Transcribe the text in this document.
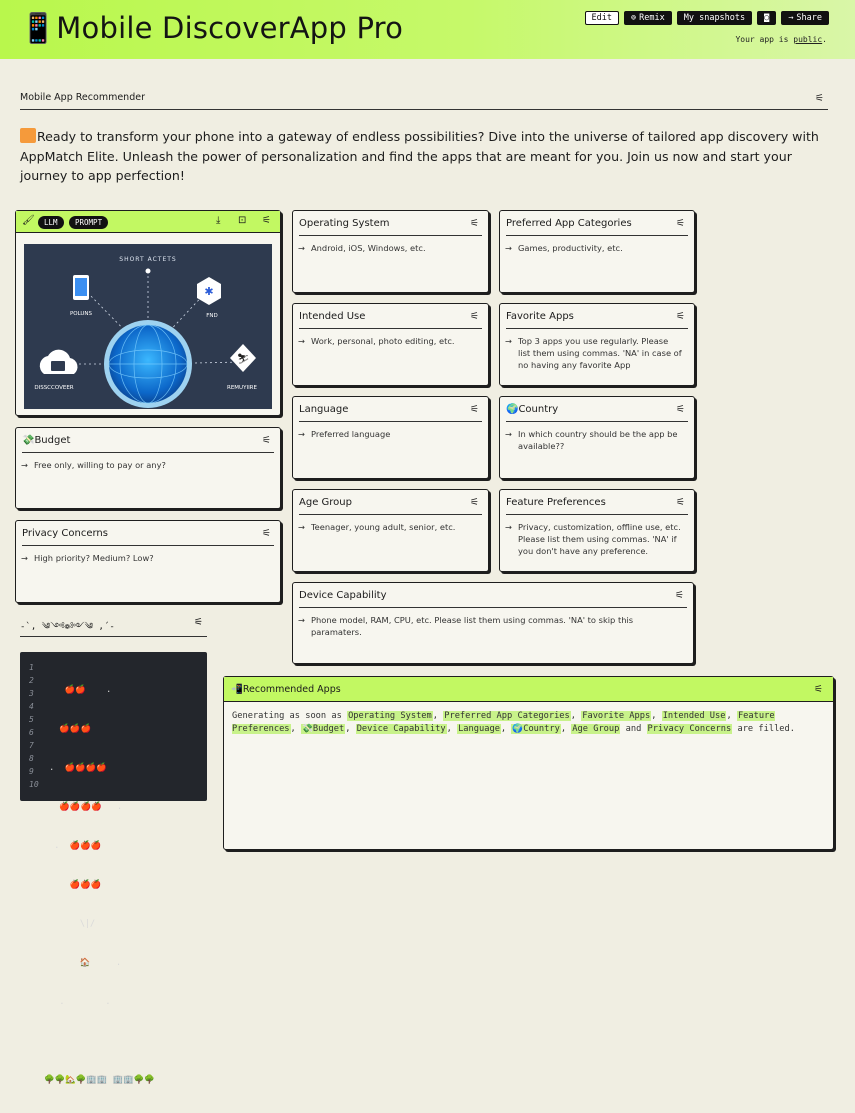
📱Mobile DiscoverApp Pro	Edit	⊚ Remix	My snapshots	◙ → Share
Your app is public.
Mobile App Recommender	⚟
Ready to transform your phone into a gateway of endless possibilities? Dive into the universe of tailored app discovery with AppMatch Elite. Unleash the power of personalization and find the apps that are meant for you. Join us now and start your journey to app perfection!
🖌	LLM	PROMPT	⤓ ⊡ ⚟
✱
⛷
SHORT ACTETS
POLUNS	FND
DISSCCOVEER	REMUYIIRE
💸Budget	⚟
→ Free only, willing to pay or any?
Privacy Concerns	⚟
→ High priority? Medium? Low?
Operating System	⚟
→ Android, iOS, Windows, etc.
Intended Use	⚟
→ Work, personal, photo editing, etc.
Language	⚟
→ Preferred language
Age Group	⚟
→ Teenager, young adult, senior, etc.
Device Capability	⚟
→ Phone model, RAM, CPU, etc. Please list them using commas. 'NA' to skip this paramaters.
Preferred App Categories	⚟
→ Games, productivity, etc.
Favorite Apps	⚟
→ Top 3 apps you use regularly. Please list them using commas. 'NA' in case of no having any favorite App
🌍Country	⚟
→ In which country should be the app be available??
Feature Preferences	⚟
→ Privacy, customization, offline use, etc. Please list them using commas. 'NA' if you don't have any preference.
-`, ༄༺❁༻༄ ,´-	⚟
1
2
3
4
5
6
7
8
9
10

🍎🍎    .

🍎🍎🍎

.  🍎🍎🍎🍎

🍎🍎🍎🍎   .

.  🍎🍎🍎

🍎🍎🍎

\|/

🏠     .

.        .

🌳🌳🏡🌳🏢🏢 🏢🏢🌳🌳

📲Recommended Apps	⚟
Generating as soon as Operating System, Preferred App Categories, Favorite Apps, Intended Use, Feature Preferences, 💸Budget, Device Capability, Language, 🌍Country, Age Group and Privacy Concerns are filled.
